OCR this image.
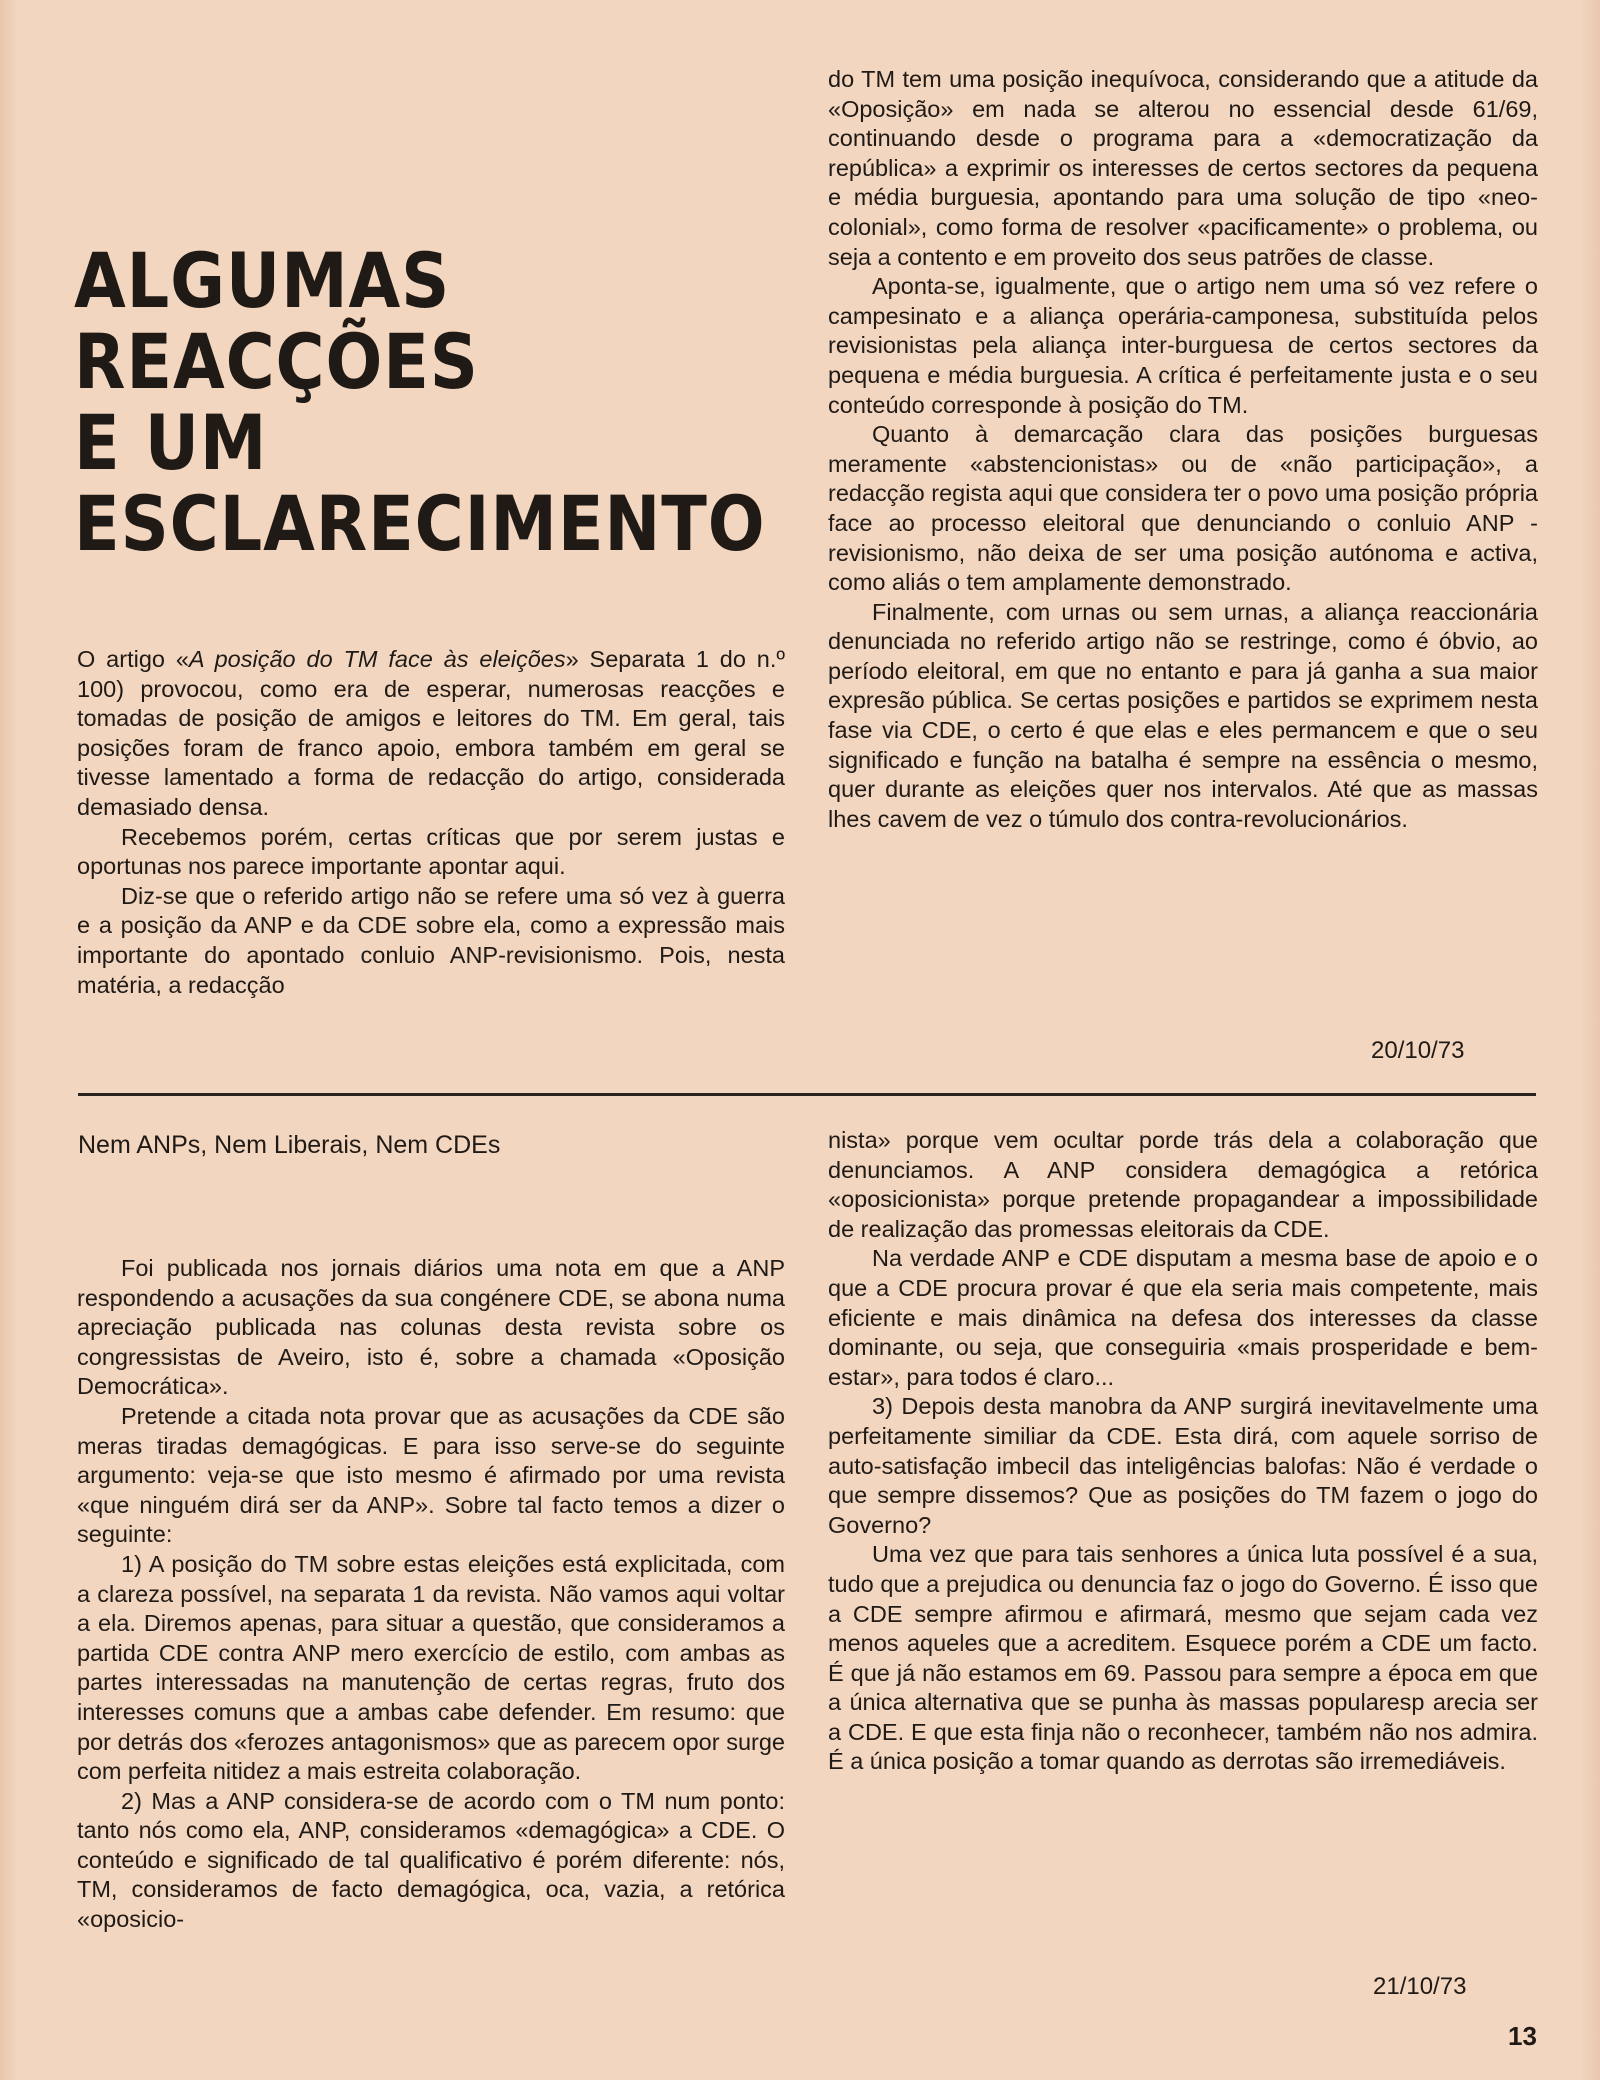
ALGUMAS
REACÇÕES
E UM
ESCLARECIMENTO

O artigo «A posição do TM face às eleições» Separata 1 do n.º 100) provocou, como era de esperar, numerosas reacções e tomadas de posição de amigos e leitores do TM. Em geral, tais posições foram de franco apoio, embora também em geral se tivesse lamentado a forma de redacção do artigo, considerada demasiado densa.

Recebemos porém, certas críticas que por serem justas e oportunas nos parece importante apontar aqui.

Diz-se que o referido artigo não se refere uma só vez à guerra e a posição da ANP e da CDE sobre ela, como a expressão mais importante do apontado conluio ANP-revisionismo. Pois, nesta matéria, a redacção

do TM tem uma posição inequívoca, considerando que a atitude da «Oposição» em nada se alterou no essencial desde 61/69, continuando desde o programa para a «democratização da república» a exprimir os interesses de certos sectores da pequena e média burguesia, apontando para uma solução de tipo «neo-colonial», como forma de resolver «pacificamente» o problema, ou seja a contento e em proveito dos seus patrões de classe.

Aponta-se, igualmente, que o artigo nem uma só vez refere o campesinato e a aliança operária-camponesa, substituída pelos revisionistas pela aliança inter-burguesa de certos sectores da pequena e média burguesia. A crítica é perfeitamente justa e o seu conteúdo corresponde à posição do TM.

Quanto à demarcação clara das posições burguesas meramente «abstencionistas» ou de «não participação», a redacção regista aqui que considera ter o povo uma posição própria face ao processo eleitoral que denunciando o conluio ANP - revisionismo, não deixa de ser uma posição autónoma e activa, como aliás o tem amplamente demonstrado.

Finalmente, com urnas ou sem urnas, a aliança reaccionária denunciada no referido artigo não se restringe, como é óbvio, ao período eleitoral, em que no entanto e para já ganha a sua maior expresão pública. Se certas posições e partidos se exprimem nesta fase via CDE, o certo é que elas e eles permancem e que o seu significado e função na batalha é sempre na essência o mesmo, quer durante as eleições quer nos intervalos. Até que as massas lhes cavem de vez o túmulo dos contra-revolucionários.

20/10/73
Nem ANPs, Nem Liberais, Nem CDEs

Foi publicada nos jornais diários uma nota em que a ANP respondendo a acusações da sua congénere CDE, se abona numa apreciação publicada nas colunas desta revista sobre os congressistas de Aveiro, isto é, sobre a chamada «Oposição Democrática».

Pretende a citada nota provar que as acusações da CDE são meras tiradas demagógicas. E para isso serve-se do seguinte argumento: veja-se que isto mesmo é afirmado por uma revista «que ninguém dirá ser da ANP». Sobre tal facto temos a dizer o seguinte:

1) A posição do TM sobre estas eleições está explicitada, com a clareza possível, na separata 1 da revista. Não vamos aqui voltar a ela. Diremos apenas, para situar a questão, que consideramos a partida CDE contra ANP mero exercício de estilo, com ambas as partes interessadas na manutenção de certas regras, fruto dos interesses comuns que a ambas cabe defender. Em resumo: que por detrás dos «ferozes antagonismos» que as parecem opor surge com perfeita nitidez a mais estreita colaboração.

2) Mas a ANP considera-se de acordo com o TM num ponto: tanto nós como ela, ANP, consideramos «demagógica» a CDE. O conteúdo e significado de tal qualificativo é porém diferente: nós, TM, consideramos de facto demagógica, oca, vazia, a retórica «oposicio-

nista» porque vem ocultar porde trás dela a colaboração que denunciamos. A ANP considera demagógica a retórica «oposicionista» porque pretende propagandear a impossibilidade de realização das promessas eleitorais da CDE.

Na verdade ANP e CDE disputam a mesma base de apoio e o que a CDE procura provar é que ela seria mais competente, mais eficiente e mais dinâmica na defesa dos interesses da classe dominante, ou seja, que conseguiria «mais prosperidade e bem-estar», para todos é claro...

3) Depois desta manobra da ANP surgirá inevitavelmente uma perfeitamente similiar da CDE. Esta dirá, com aquele sorriso de auto-satisfação imbecil das inteligências balofas: Não é verdade o que sempre dissemos? Que as posições do TM fazem o jogo do Governo?

Uma vez que para tais senhores a única luta possível é a sua, tudo que a prejudica ou denuncia faz o jogo do Governo. É isso que a CDE sempre afirmou e afirmará, mesmo que sejam cada vez menos aqueles que a acreditem. Esquece porém a CDE um facto. É que já não estamos em 69. Passou para sempre a época em que a única alternativa que se punha às massas popularesp arecia ser a CDE. E que esta finja não o reconhecer, também não nos admira. É a única posição a tomar quando as derrotas são irremediáveis.

21/10/73
13
